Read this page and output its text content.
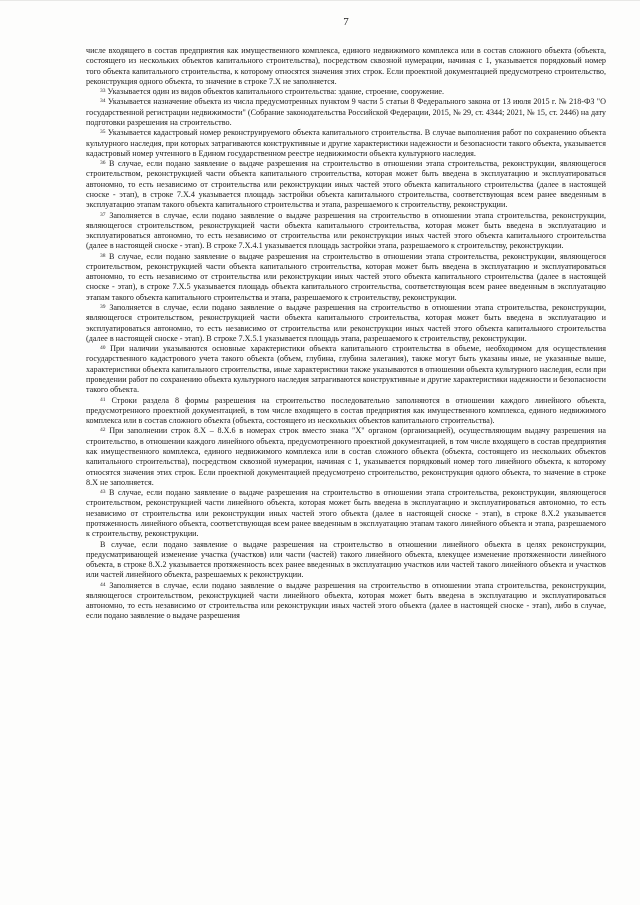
7

числе входящего в состав предприятия как имущественного комплекса, единого недвижимого комплекса или в состав сложного объекта (объекта, состоящего из нескольких объектов капитального строительства), посредством сквозной нумерации, начиная с 1, указывается порядковый номер того объекта капитального строительства, к которому относятся значения этих строк. Если проектной документацией предусмотрено строительство, реконструкция одного объекта, то значение в строке 7.Х не заполняется.

$^{33}$ Указывается один из видов объектов капитального строительства: здание, строение, сооружение.

$^{34}$ Указывается назначение объекта из числа предусмотренных пунктом 9 части 5 статьи 8 Федерального закона от 13 июля 2015 г. № 218-ФЗ "О государственной регистрации недвижимости" (Собрание законодательства Российской Федерации, 2015, № 29, ст. 4344; 2021, № 15, ст. 2446) на дату подготовки разрешения на строительство.

$^{35}$ Указывается кадастровый номер реконструируемого объекта капитального строительства. В случае выполнения работ по сохранению объекта культурного наследия, при которых затрагиваются конструктивные и другие характеристики надежности и безопасности такого объекта, указывается кадастровый номер учтенного в Едином государственном реестре недвижимости объекта культурного наследия.

$^{36}$ В случае, если подано заявление о выдаче разрешения на строительство в отношении этапа строительства, реконструкции, являющегося строительством, реконструкцией части объекта капитального строительства, которая может быть введена в эксплуатацию и эксплуатироваться автономно, то есть независимо от строительства или реконструкции иных частей этого объекта капитального строительства (далее в настоящей сноске - этап), в строке 7.Х.4 указывается площадь застройки объекта капитального строительства, соответствующая всем ранее введенным в эксплуатацию этапам такого объекта капитального строительства и этапа, разрешаемого к строительству, реконструкции.

$^{37}$ Заполняется в случае, если подано заявление о выдаче разрешения на строительство в отношении этапа строительства, реконструкции, являющегося строительством, реконструкцией части объекта капитального строительства, которая может быть введена в эксплуатацию и эксплуатироваться автономно, то есть независимо от строительства или реконструкции иных частей этого объекта капитального строительства (далее в настоящей сноске - этап). В строке 7.Х.4.1 указывается площадь застройки этапа, разрешаемого к строительству, реконструкции.

$^{38}$ В случае, если подано заявление о выдаче разрешения на строительство в отношении этапа строительства, реконструкции, являющегося строительством, реконструкцией части объекта капитального строительства, которая может быть введена в эксплуатацию и эксплуатироваться автономно, то есть независимо от строительства или реконструкции иных частей этого объекта капитального строительства (далее в настоящей сноске - этап), в строке 7.Х.5 указывается площадь объекта капитального строительства, соответствующая всем ранее введенным в эксплуатацию этапам такого объекта капитального строительства и этапа, разрешаемого к строительству, реконструкции.

$^{39}$ Заполняется в случае, если подано заявление о выдаче разрешения на строительство в отношении этапа строительства, реконструкции, являющегося строительством, реконструкцией части объекта капитального строительства, которая может быть введена в эксплуатацию и эксплуатироваться автономно, то есть независимо от строительства или реконструкции иных частей этого объекта капитального строительства (далее в настоящей сноске - этап). В строке 7.Х.5.1 указывается площадь этапа, разрешаемого к строительству, реконструкции.

$^{40}$ При наличии указываются основные характеристики объекта капитального строительства в объеме, необходимом для осуществления государственного кадастрового учета такого объекта (объем, глубина, глубина залегания), также могут быть указаны иные, не указанные выше, характеристики объекта капитального строительства, иные характеристики также указываются в отношении объекта культурного наследия, если при проведении работ по сохранению объекта культурного наследия затрагиваются конструктивные и другие характеристики надежности и безопасности такого объекта.

$^{41}$ Строки раздела 8 формы разрешения на строительство последовательно заполняются в отношении каждого линейного объекта, предусмотренного проектной документацией, в том числе входящего в состав предприятия как имущественного комплекса, единого недвижимого комплекса или в состав сложного объекта (объекта, состоящего из нескольких объектов капитального строительства).

$^{42}$ При заполнении строк 8.Х – 8.Х.6 в номерах строк вместо знака "Х" органом (организацией), осуществляющим выдачу разрешения на строительство, в отношении каждого линейного объекта, предусмотренного проектной документацией, в том числе входящего в состав предприятия как имущественного комплекса, единого недвижимого комплекса или в состав сложного объекта (объекта, состоящего из нескольких объектов капитального строительства), посредством сквозной нумерации, начиная с 1, указывается порядковый номер того линейного объекта, к которому относятся значения этих строк. Если проектной документацией предусмотрено строительство, реконструкция одного объекта, то значение в строке 8.Х не заполняется.

$^{43}$ В случае, если подано заявление о выдаче разрешения на строительство в отношении этапа строительства, реконструкции, являющегося строительством, реконструкцией части линейного объекта, которая может быть введена в эксплуатацию и эксплуатироваться автономно, то есть независимо от строительства или реконструкции иных частей этого объекта (далее в настоящей сноске - этап), в строке 8.Х.2 указывается протяженность линейного объекта, соответствующая всем ранее введенным в эксплуатацию этапам такого линейного объекта и этапа, разрешаемого к строительству, реконструкции.

В случае, если подано заявление о выдаче разрешения на строительство в отношении линейного объекта в целях реконструкции, предусматривающей изменение участка (участков) или части (частей) такого линейного объекта, влекущее изменение протяженности линейного объекта, в строке 8.Х.2 указывается протяженность всех ранее введенных в эксплуатацию участков или частей такого линейного объекта и участков или частей линейного объекта, разрешаемых к реконструкции.

$^{44}$ Заполняется в случае, если подано заявление о выдаче разрешения на строительство в отношении этапа строительства, реконструкции, являющегося строительством, реконструкцией части линейного объекта, которая может быть введена в эксплуатацию и эксплуатироваться автономно, то есть независимо от строительства или реконструкции иных частей этого объекта (далее в настоящей сноске - этап), либо в случае, если подано заявление о выдаче разрешения
